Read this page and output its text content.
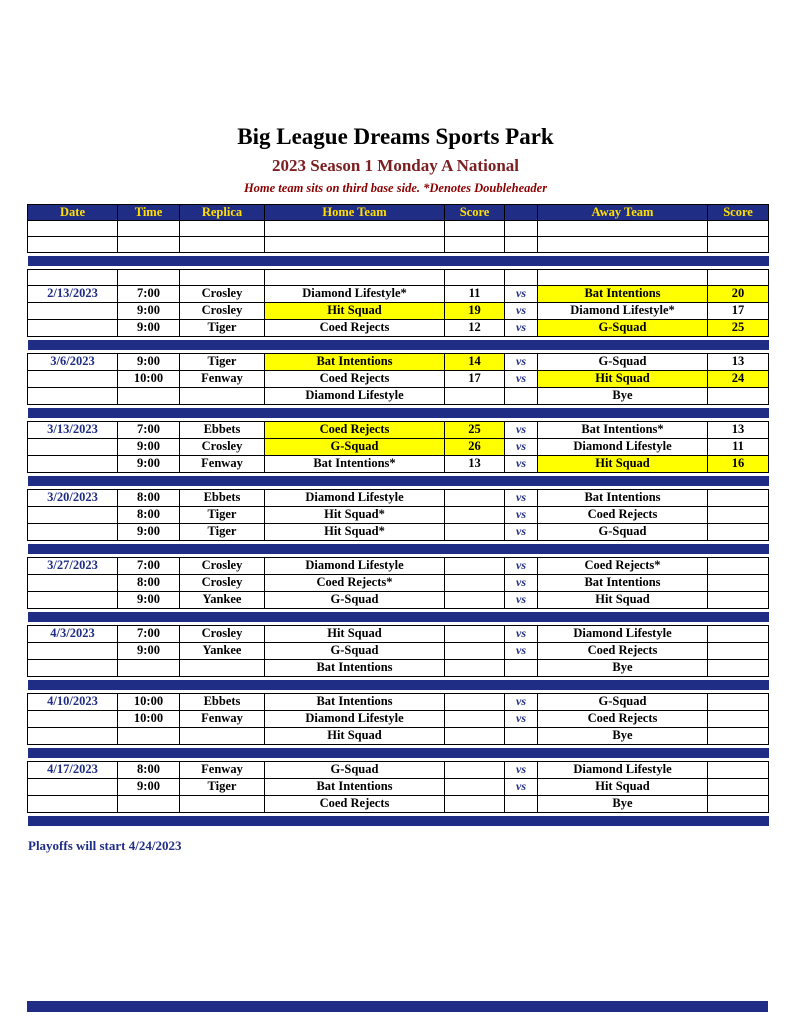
Big League Dreams Sports Park
2023 Season 1 Monday A National
Home team sits on third base side. *Denotes Doubleheader
Date	Time	Replica	Home Team	Score		Away Team	Score

2/13/2023	7:00	Crosley	Diamond Lifestyle*	11	vs	Bat Intentions	20
	9:00	Crosley	Hit Squad	19	vs	Diamond Lifestyle*	17
	9:00	Tiger	Coed Rejects	12	vs	G-Squad	25

3/6/2023	9:00	Tiger	Bat Intentions	14	vs	G-Squad	13
	10:00	Fenway	Coed Rejects	17	vs	Hit Squad	24
			Diamond Lifestyle			Bye	

3/13/2023	7:00	Ebbets	Coed Rejects	25	vs	Bat Intentions*	13
	9:00	Crosley	G-Squad	26	vs	Diamond Lifestyle	11
	9:00	Fenway	Bat Intentions*	13	vs	Hit Squad	16

3/20/2023	8:00	Ebbets	Diamond Lifestyle		vs	Bat Intentions	
	8:00	Tiger	Hit Squad*		vs	Coed Rejects	
	9:00	Tiger	Hit Squad*		vs	G-Squad	

3/27/2023	7:00	Crosley	Diamond Lifestyle		vs	Coed Rejects*	
	8:00	Crosley	Coed Rejects*		vs	Bat Intentions	
	9:00	Yankee	G-Squad		vs	Hit Squad	

4/3/2023	7:00	Crosley	Hit Squad		vs	Diamond Lifestyle	
	9:00	Yankee	G-Squad		vs	Coed Rejects	
			Bat Intentions			Bye	

4/10/2023	10:00	Ebbets	Bat Intentions		vs	G-Squad	
	10:00	Fenway	Diamond Lifestyle		vs	Coed Rejects	
			Hit Squad			Bye	

4/17/2023	8:00	Fenway	G-Squad		vs	Diamond Lifestyle	
	9:00	Tiger	Bat Intentions		vs	Hit Squad	
			Coed Rejects			Bye	

Playoffs will start 4/24/2023
